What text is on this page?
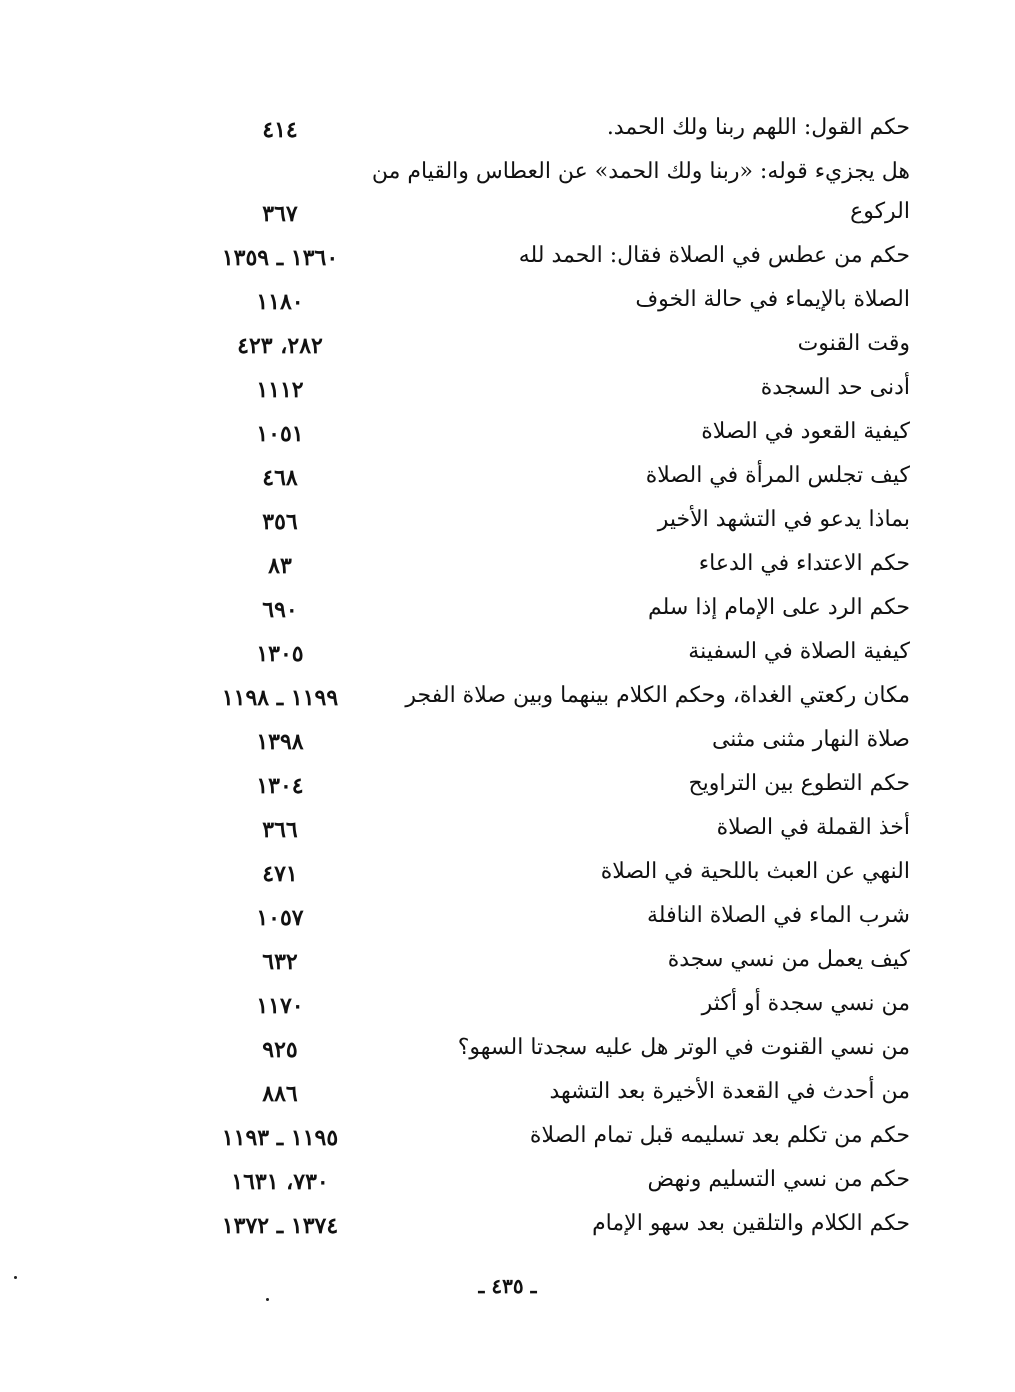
حكم القول: اللهم ربنا ولك الحمد.
٤١٤
هل يجزيء قوله: «ربنا ولك الحمد» عن العطاس والقيام من الركوع
٣٦٧
حكم من عطس في الصلاة فقال: الحمد لله
١٣٦٠ ـ ١٣٥٩
الصلاة بالإيماء في حالة الخوف
١١٨٠
وقت القنوت
٢٨٢، ٤٢٣
أدنى حد السجدة
١١١٢
كيفية القعود في الصلاة
١٠٥١
كيف تجلس المرأة في الصلاة
٤٦٨
بماذا يدعو في التشهد الأخير
٣٥٦
حكم الاعتداء في الدعاء
٨٣
حكم الرد على الإمام إذا سلم
٦٩٠
كيفية الصلاة في السفينة
١٣٠٥
مكان ركعتي الغداة، وحكم الكلام بينهما وبين صلاة الفجر
١١٩٩ ـ ١١٩٨
صلاة النهار مثنى مثنى
١٣٩٨
حكم التطوع بين التراويح
١٣٠٤
أخذ القملة في الصلاة
٣٦٦
النهي عن العبث باللحية في الصلاة
٤٧١
شرب الماء في الصلاة النافلة
١٠٥٧
كيف يعمل من نسي سجدة
٦٣٢
من نسي سجدة أو أكثر
١١٧٠
من نسي القنوت في الوتر هل عليه سجدتا السهو؟
٩٢٥
من أحدث في القعدة الأخيرة بعد التشهد
٨٨٦
حكم من تكلم بعد تسليمه قبل تمام الصلاة
١١٩٥ ـ ١١٩٣
حكم من نسي التسليم ونهض
٧٣٠، ١٦٣١
حكم الكلام والتلقين بعد سهو الإمام
١٣٧٤ ـ ١٣٧٢
ـ ٤٣٥ ـ
